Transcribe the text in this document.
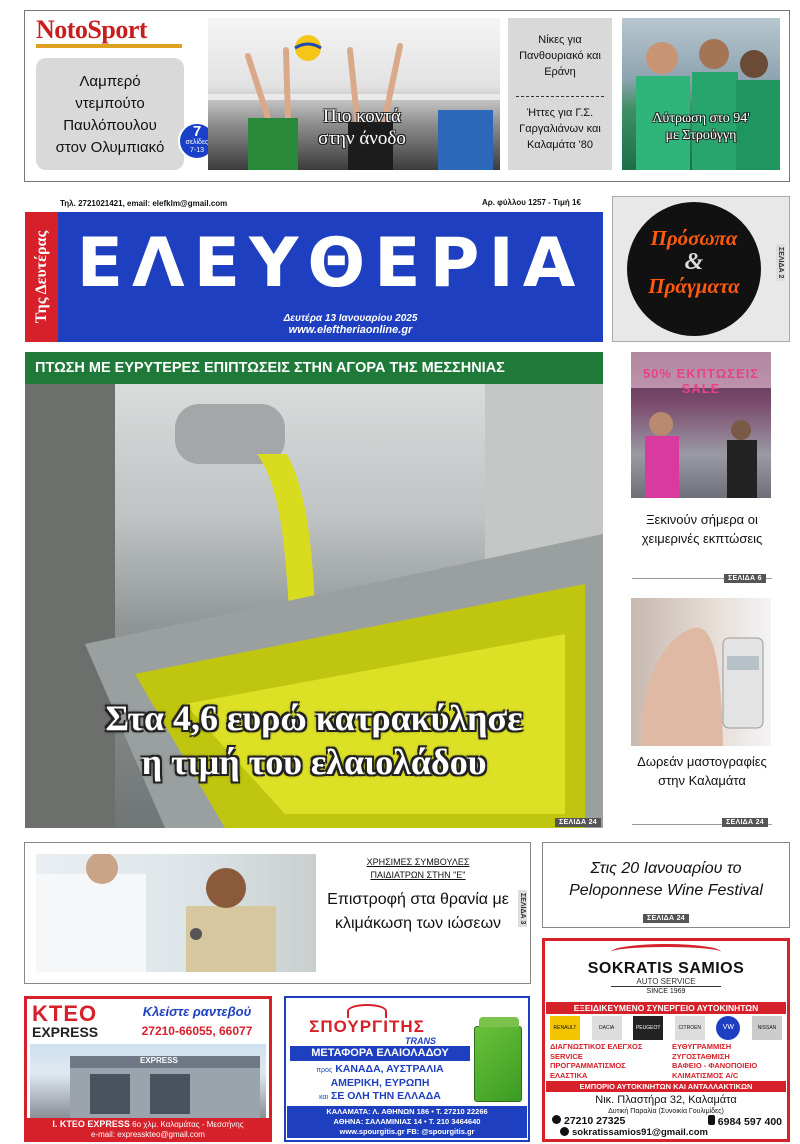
NotoSport
Λαμπερό ντεμπούτο Παυλόπουλου στον Ολυμπιακό
7
σελίδες
7-13
Πιο κοντά
στην άνοδο
Νίκες για Πανθουριακό και Εράνη
Ήττες για Γ.Σ. Γαργαλιάνων και Καλαμάτα '80
Λύτρωση στο 94'
με Στρούγγη
Τηλ. 2721021421, email: elefklm@gmail.com	Αρ. φύλλου 1257 - Τιμή 1€
Της Δευτέρας ΕΛΕΥΘΕΡΙΑ
Δευτέρα 13 Ιανουαρίου 2025
www.eleftheriaonline.gr
Πρόσωπα
&
Πράγματα
ΣΕΛΙΔΑ 2
ΠΤΩΣΗ ΜΕ ΕΥΡΥΤΕΡΕΣ ΕΠΙΠΤΩΣΕΙΣ ΣΤΗΝ ΑΓΟΡΑ ΤΗΣ ΜΕΣΣΗΝΙΑΣ
Στα 4,6 ευρώ κατρακύλησε
η τιμή του ελαιολάδου
ΣΕΛΙΔΑ 24
50% ΕΚΠΤΩΣΕΙΣ SALE
Ξεκινούν σήμερα οι χειμερινές εκπτώσεις
ΣΕΛΙΔΑ 6
Δωρεάν μαστογραφίες στην Καλαμάτα
ΣΕΛΙΔΑ 24
ΧΡΗΣΙΜΕΣ ΣΥΜΒΟΥΛΕΣ
ΠΑΙΔΙΑΤΡΩΝ ΣΤΗΝ "Ε"
Επιστροφή στα θρανία με κλιμάκωση των ιώσεων	ΣΕΛΙΔΑ 3
Στις 20 Ιανουαρίου το
Peloponnese Wine Festival
ΣΕΛΙΔΑ 24
ΚΤΕΟ
EXPRESS
Κλείστε ραντεβού
27210-66055, 66077
EXPRESS
I. ΚΤΕΟ EXPRESS 6ο χλμ. Καλαμάτας - Μεσσήνης
e-mail: expresskteo@gmail.com
ΣΠΟΥΡΓΙΤΗΣ
TRANS
ΜΕΤΑΦΟΡΑ ΕΛΑΙΟΛΑΔΟΥ
προς ΚΑΝΑΔΑ, ΑΥΣΤΡΑΛΙΑ
ΑΜΕΡΙΚΗ, ΕΥΡΩΠΗ
και ΣΕ ΟΛΗ ΤΗΝ ΕΛΛΑΔΑ
ΚΑΛΑΜΑΤΑ: Λ. ΑΘΗΝΩΝ 186 • Τ. 27210 22266
ΑΘΗΝΑ: ΣΑΛΑΜΙΝΙΑΣ 14 • Τ. 210 3464640
www.spourgitis.gr FB: @spourgitis.gr
SOKRATIS SAMIOS
AUTO SERVICE
SINCE 1969
ΕΞΕΙΔΙΚΕΥΜΕΝΟ ΣΥΝΕΡΓΕΙΟ ΑΥΤΟΚΙΝΗΤΩΝ
RENAULT	DACIA	PEUGEOT	CITROEN	VW	NISSAN
ΔΙΑΓΝΩΣΤΙΚΟΣ ΕΛΕΓΧΟΣ
SERVICE
ΠΡΟΓΡΑΜΜΑΤΙΣΜΟΣ
ΕΛΑΣΤΙΚΑ
ΕΥΘΥΓΡΑΜΜΙΣΗ
ΖΥΓΟΣΤΑΘΜΙΣΗ
ΒΑΦΕΙΟ - ΦΑΝΟΠΟΙΕΙΟ
ΚΛΙΜΑΤΙΣΜΟΣ A/C
ΕΜΠΟΡΙΟ ΑΥΤΟΚΙΝΗΤΩΝ ΚΑΙ ΑΝΤΑΛΛΑΚΤΙΚΩΝ
Νικ. Πλαστήρα 32, Καλαμάτα
Δυτική Παραλία (Συνοικία Γουλιμίδες)
27210 27325	6984 597 400
sokratissamios91@gmail.com
